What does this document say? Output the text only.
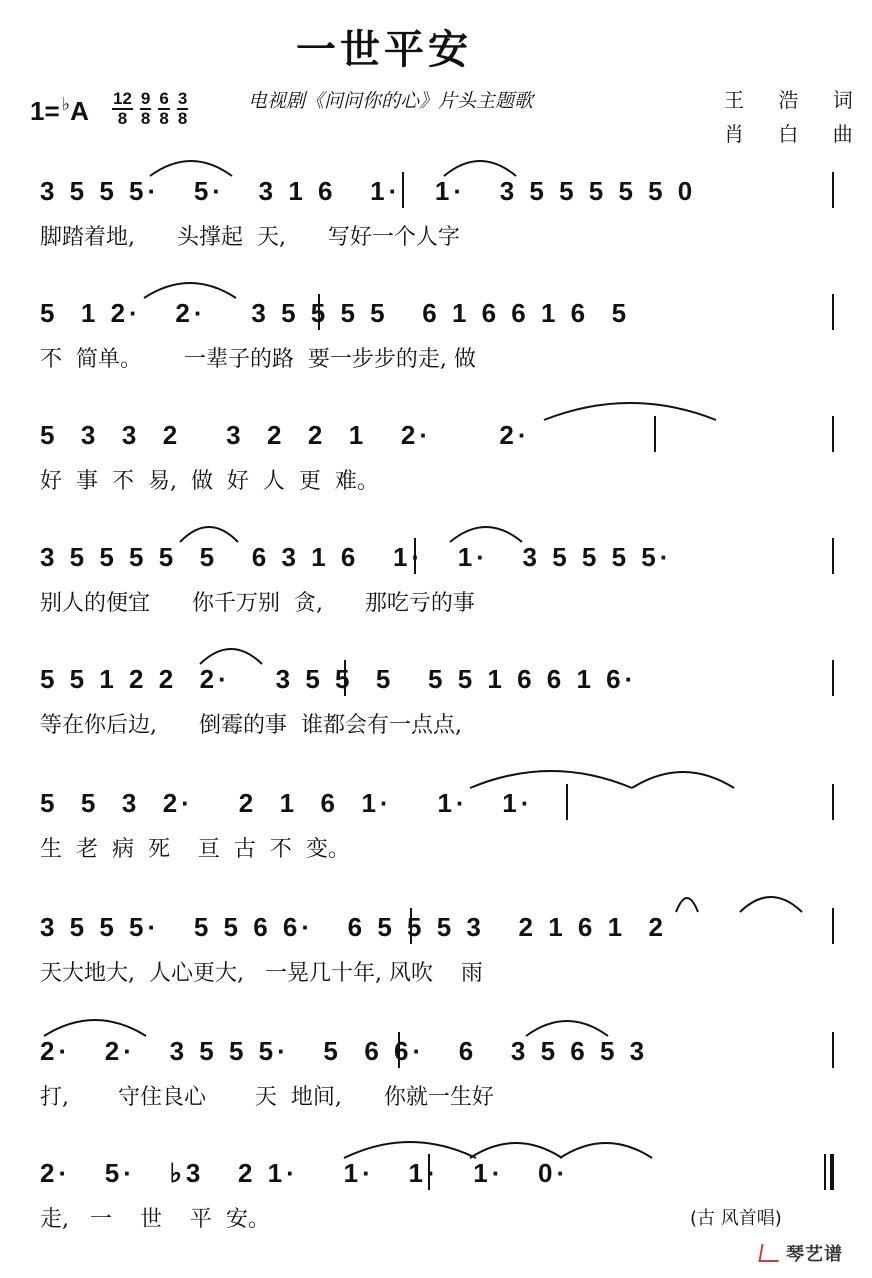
一世平安
1= ♭A 12
8
9
8
6
8
3
8
电视剧《问问你的心》片头主题歌	王 浩 词
肖 白 曲
3 5 5 5·   5·   3 1 6   1·   1·   3 5 5 5 5 5 0
脚踏着地,      头撑起  天,      写好一个人字
5  1 2·   2·    3 5 5 5 5   6 1 6 6 1 6  5
不  简单。      一辈子的路  要一步步的走, 做
5  3  3  2    3  2  2  1   2·      2·
好  事  不  易,  做  好  人  更  难。
3 5 5 5 5  5   6 3 1 6   1·   1·   3 5 5 5 5·
别人的便宜      你千万别  贪,      那吃亏的事
5 5 1 2 2  2·    3 5 5  5   5 5 1 6 6 1 6·
等在你后边,      倒霉的事  谁都会有一点点,
5  5  3  2·    2  1  6  1·    1·   1·
生  老  病  死    亘  古  不  变。
3 5 5 5·   5 5 6 6·   6 5 5 5 3   2 1 6 1  2
天大地大,  人心更大,   一晃几十年, 风吹    雨
2·   2·   3 5 5 5·   5  6 6·   6   3 5 6 5 3
打,       守住良心       天  地间,      你就一生好
2·   5·   ♭3   2 1·    1·   1·   1·   0·
走,   一    世    平  安。	(古 风首唱)
琴艺谱
